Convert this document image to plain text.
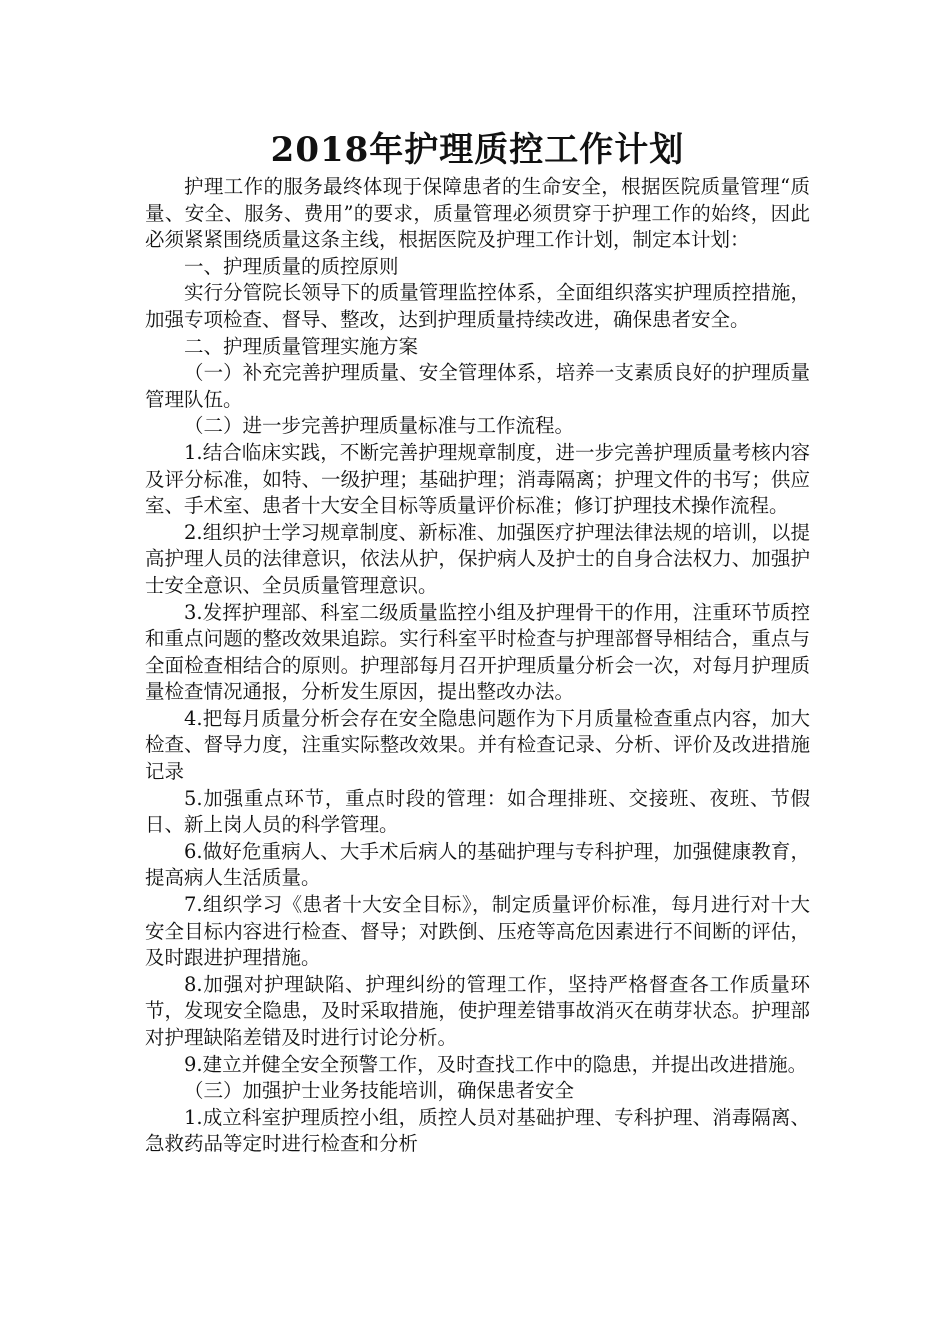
2018年护理质控工作计划

护理工作的服务最终体现于保障患者的生命安全，根据医院质量管理“质量、安全、服务、费用”的要求，质量管理必须贯穿于护理工作的始终，因此必须紧紧围绕质量这条主线，根据医院及护理工作计划，制定本计划：

一、护理质量的质控原则

实行分管院长领导下的质量管理监控体系，全面组织落实护理质控措施，加强专项检查、督导、整改，达到护理质量持续改进，确保患者安全。

二、护理质量管理实施方案

（一）补充完善护理质量、安全管理体系，培养一支素质良好的护理质量管理队伍。

（二）进一步完善护理质量标准与工作流程。

1.结合临床实践，不断完善护理规章制度，进一步完善护理质量考核内容及评分标准，如特、一级护理；基础护理；消毒隔离；护理文件的书写；供应室、手术室、患者十大安全目标等质量评价标准；修订护理技术操作流程。

2.组织护士学习规章制度、新标准、加强医疗护理法律法规的培训，以提高护理人员的法律意识，依法从护，保护病人及护士的自身合法权力、加强护士安全意识、全员质量管理意识。

3.发挥护理部、科室二级质量监控小组及护理骨干的作用，注重环节质控和重点问题的整改效果追踪。实行科室平时检查与护理部督导相结合，重点与全面检查相结合的原则。护理部每月召开护理质量分析会一次，对每月护理质量检查情况通报，分析发生原因，提出整改办法。

4.把每月质量分析会存在安全隐患问题作为下月质量检查重点内容，加大检查、督导力度，注重实际整改效果。并有检查记录、分析、评价及改进措施记录

5.加强重点环节，重点时段的管理：如合理排班、交接班、夜班、节假日、新上岗人员的科学管理。

6.做好危重病人、大手术后病人的基础护理与专科护理，加强健康教育，提高病人生活质量。

7.组织学习《患者十大安全目标》，制定质量评价标准，每月进行对十大安全目标内容进行检查、督导；对跌倒、压疮等高危因素进行不间断的评估，及时跟进护理措施。

8.加强对护理缺陷、护理纠纷的管理工作，坚持严格督查各工作质量环节，发现安全隐患，及时采取措施，使护理差错事故消灭在萌芽状态。护理部对护理缺陷差错及时进行讨论分析。

9.建立并健全安全预警工作，及时查找工作中的隐患，并提出改进措施。

（三）加强护士业务技能培训，确保患者安全

1.成立科室护理质控小组，质控人员对基础护理、专科护理、消毒隔离、急救药品等定时进行检查和分析
